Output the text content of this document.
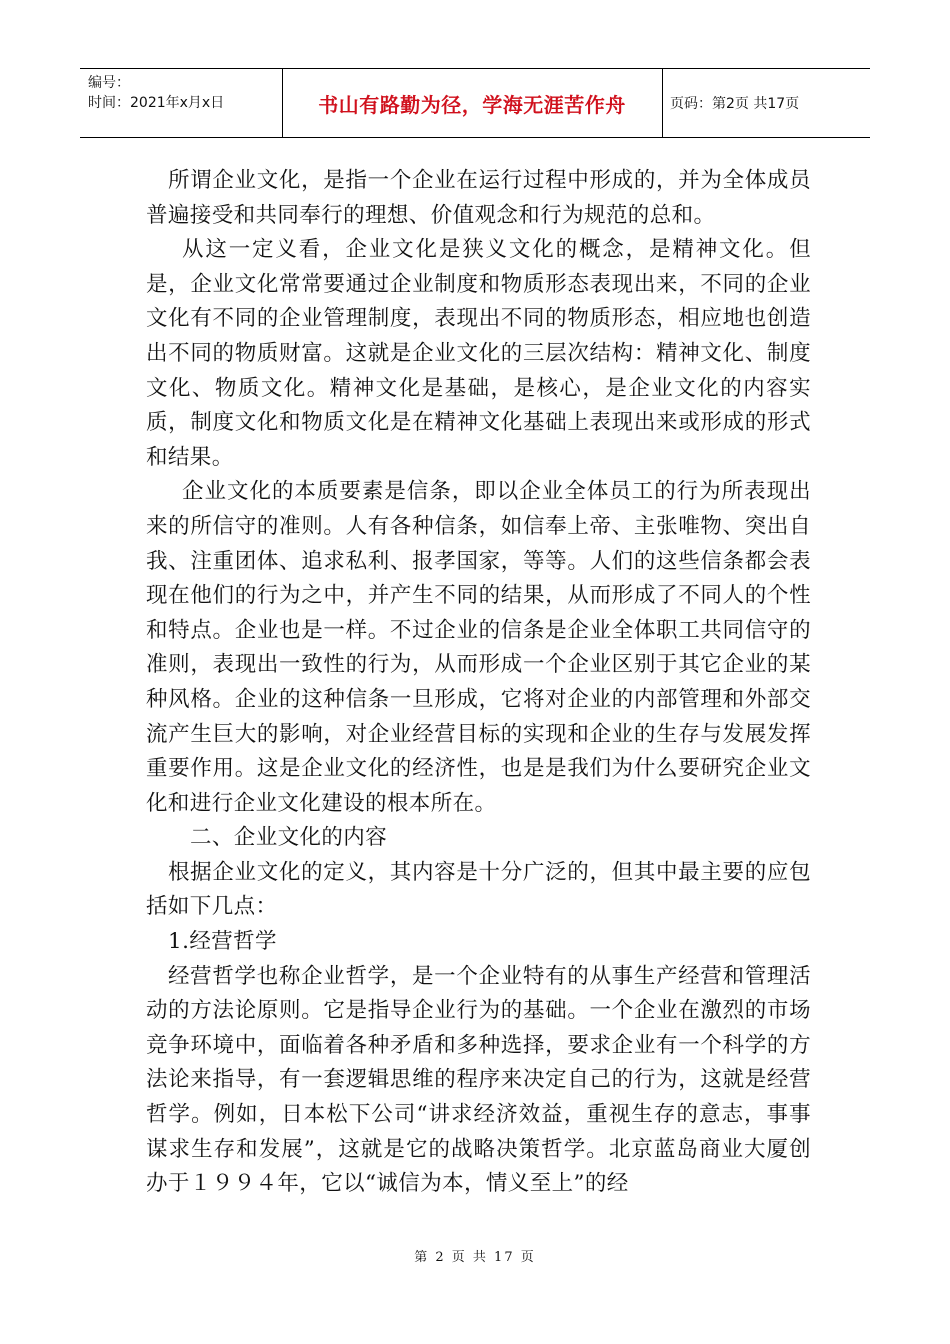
编号：
时间：2021年x月x日	书山有路勤为径，学海无涯苦作舟	页码：第2页 共17页

所谓企业文化，是指一个企业在运行过程中形成的，并为全体成员普遍接受和共同奉行的理想、价值观念和行为规范的总和。

从这一定义看，企业文化是狭义文化的概念，是精神文化。但是，企业文化常常要通过企业制度和物质形态表现出来，不同的企业文化有不同的企业管理制度，表现出不同的物质形态，相应地也创造出不同的物质财富。这就是企业文化的三层次结构：精神文化、制度文化、物质文化。精神文化是基础，是核心，是企业文化的内容实质，制度文化和物质文化是在精神文化基础上表现出来或形成的形式和结果。

企业文化的本质要素是信条，即以企业全体员工的行为所表现出来的所信守的准则。人有各种信条，如信奉上帝、主张唯物、突出自我、注重团体、追求私利、报孝国家，等等。人们的这些信条都会表现在他们的行为之中，并产生不同的结果，从而形成了不同人的个性和特点。企业也是一样。不过企业的信条是企业全体职工共同信守的准则，表现出一致性的行为，从而形成一个企业区别于其它企业的某种风格。企业的这种信条一旦形成，它将对企业的内部管理和外部交流产生巨大的影响，对企业经营目标的实现和企业的生存与发展发挥重要作用。这是企业文化的经济性，也是是我们为什么要研究企业文化和进行企业文化建设的根本所在。

二、企业文化的内容

根据企业文化的定义，其内容是十分广泛的，但其中最主要的应包括如下几点：

1.经营哲学

经营哲学也称企业哲学，是一个企业特有的从事生产经营和管理活动的方法论原则。它是指导企业行为的基础。一个企业在激烈的市场竞争环境中，面临着各种矛盾和多种选择，要求企业有一个科学的方法论来指导，有一套逻辑思维的程序来决定自己的行为，这就是经营哲学。例如，日本松下公司“讲求经济效益，重视生存的意志，事事谋求生存和发展”，这就是它的战略决策哲学。北京蓝岛商业大厦创办于１９９４年，它以“诚信为本，情义至上”的经

第 2 页 共 17 页
